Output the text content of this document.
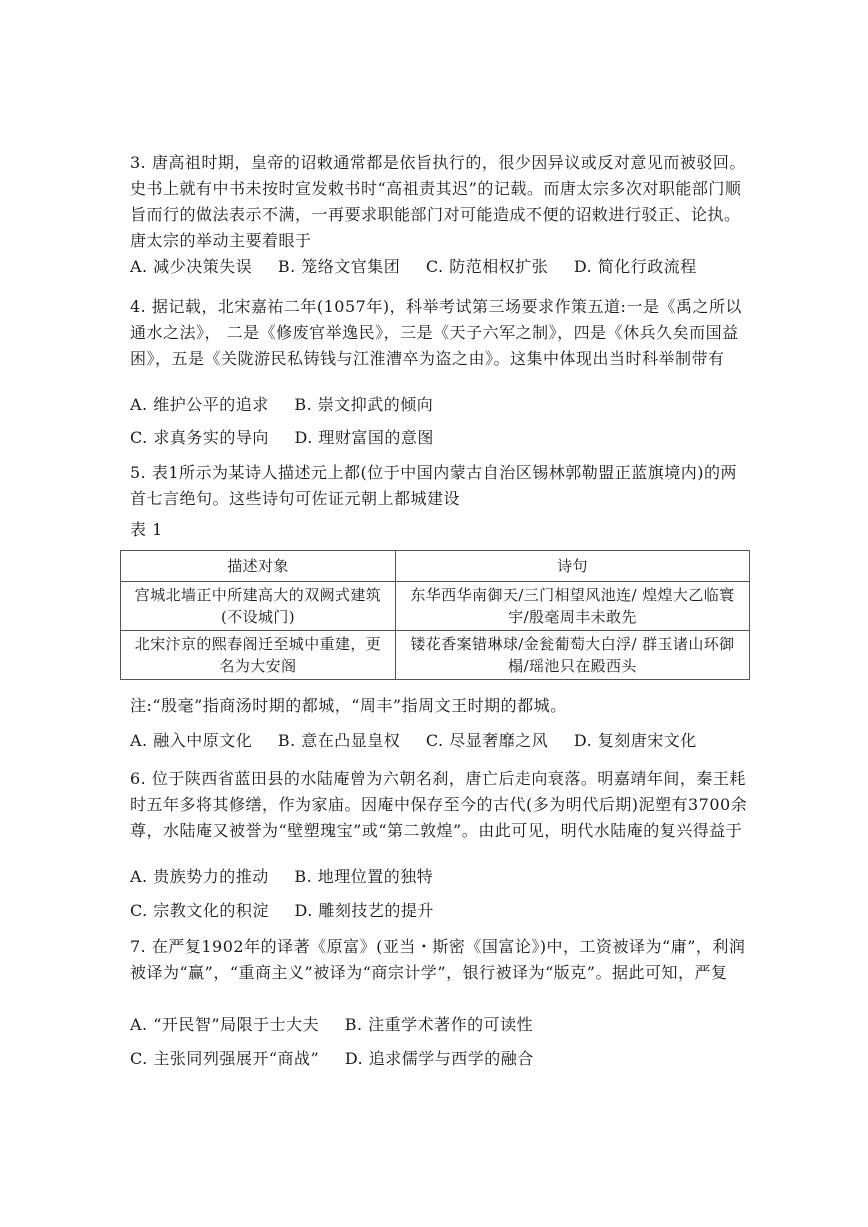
3. 唐高祖时期，皇帝的诏敕通常都是依旨执行的，很少因异议或反对意见而被驳回。史书上就有中书未按时宣发敕书时“高祖责其迟”的记载。而唐太宗多次对职能部门顺旨而行的做法表示不满，一再要求职能部门对可能造成不便的诏敕进行驳正、论执。唐太宗的举动主要着眼于
A. 减少决策失误 B. 笼络文官集团 C. 防范相权扩张 D. 简化行政流程
4. 据记载，北宋嘉祐二年(1057年)，科举考试第三场要求作策五道:一是《禹之所以通水之法》， 二是《修废官举逸民》，三是《天子六军之制》，四是《休兵久矣而国益困》，五是《关陇游民私铸钱与江淮漕卒为盗之由》。这集中体现出当时科举制带有
A. 维护公平的追求 B. 崇文抑武的倾向
C. 求真务实的导向 D. 理财富国的意图
5. 表1所示为某诗人描述元上都(位于中国内蒙古自治区锡林郭勒盟正蓝旗境内)的两首七言绝句。这些诗句可佐证元朝上都城建设
表 1
描述对象	诗句
宫城北墙正中所建高大的双阙式建筑 (不设城门)	东华西华南御天/三门相望风池连/ 煌煌大乙临寰宇/殷毫周丰未敢先
北宋汴京的熙春阁迁至城中重建，更名为大安阁	镂花香案错琳球/金瓮葡萄大白浮/ 群玉诸山环御榻/瑶池只在殿西头
注:“殷毫”指商汤时期的都城，“周丰”指周文王时期的都城。
A. 融入中原文化 B. 意在凸显皇权 C. 尽显奢靡之风 D. 复刻唐宋文化
6. 位于陕西省蓝田县的水陆庵曾为六朝名刹，唐亡后走向衰落。明嘉靖年间，秦王耗时五年多将其修缮，作为家庙。因庵中保存至今的古代(多为明代后期)泥塑有3700余尊，水陆庵又被誉为“壁塑瑰宝”或“第二敦煌”。由此可见，明代水陆庵的复兴得益于
A. 贵族势力的推动 B. 地理位置的独特
C. 宗教文化的积淀 D. 雕刻技艺的提升
7. 在严复1902年的译著《原富》(亚当・斯密《国富论》)中，工资被译为“庸”，利润被译为“赢”，“重商主义”被译为“商宗计学”，银行被译为“版克”。据此可知，严复
A. “开民智”局限于士大夫 B. 注重学术著作的可读性
C. 主张同列强展开“商战” D. 追求儒学与西学的融合
